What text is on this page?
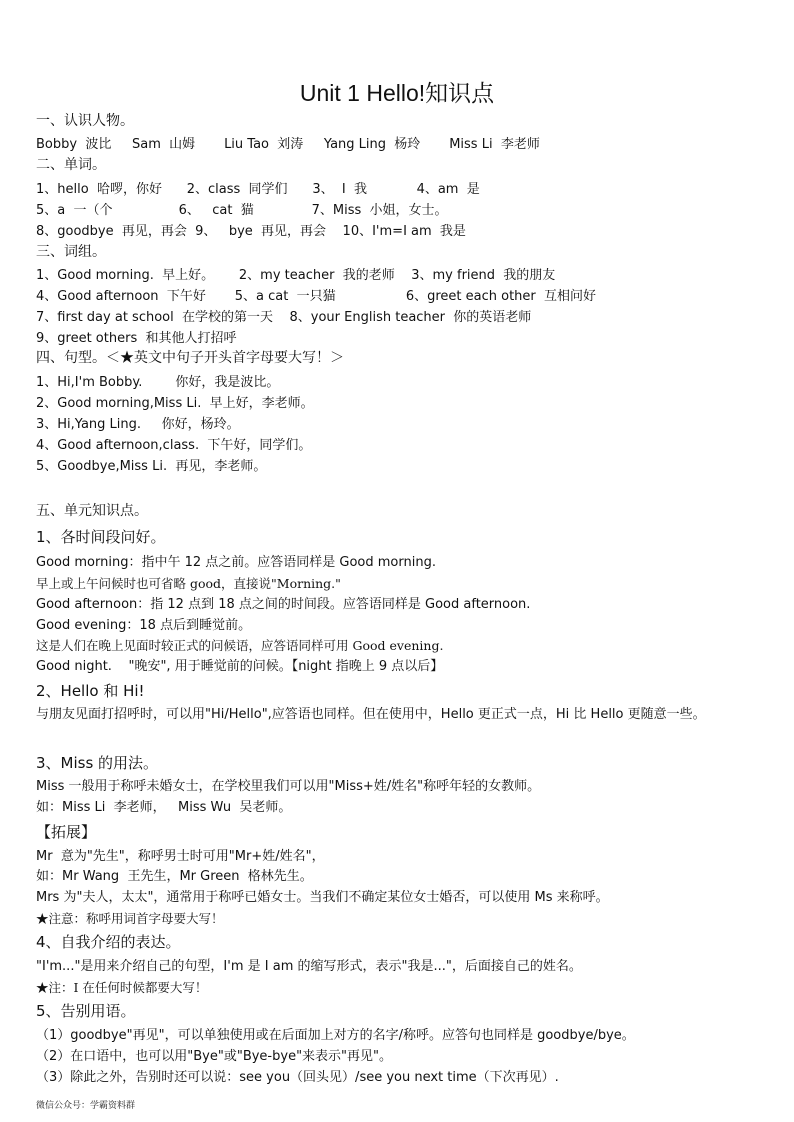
Unit 1 Hello!知识点
一、认识人物。
Bobby  波比     Sam  山姆       Liu Tao  刘涛     Yang Ling  杨玲       Miss Li  李老师
二、单词。
1、hello  哈啰，你好      2、class  同学们      3、  I  我            4、am  是
5、a  一（个                6、   cat  猫              7、Miss  小姐，女士。
8、goodbye  再见，再会  9、   bye  再见，再会    10、I'm=I am  我是
三、词组。
1、Good morning.  早上好。      2、my teacher  我的老师    3、my friend  我的朋友
4、Good afternoon  下午好       5、a cat  一只猫                 6、greet each other  互相问好
7、first day at school  在学校的第一天    8、your English teacher  你的英语老师
9、greet others  和其他人打招呼
四、句型。＜★英文中句子开头首字母要大写！＞
1、Hi,I'm Bobby.        你好，我是波比。
2、Good morning,Miss Li.  早上好，李老师。
3、Hi,Yang Ling.     你好，杨玲。
4、Good afternoon,class.  下午好，同学们。
5、Goodbye,Miss Li.  再见，李老师。
五、单元知识点。
1、各时间段问好。
Good morning：指中午 12 点之前。应答语同样是 Good morning.
早上或上午问候时也可省略 good，直接说"Morning."
Good afternoon：指 12 点到 18 点之间的时间段。应答语同样是 Good afternoon.
Good evening：18 点后到睡觉前。
这是人们在晚上见面时较正式的问候语，应答语同样可用 Good evening.
Good night.    "晚安", 用于睡觉前的问候。【night 指晚上 9 点以后】
2、Hello 和 Hi!
与朋友见面打招呼时，可以用"Hi/Hello",应答语也同样。但在使用中，Hello 更正式一点，Hi 比 Hello 更随意一些。
3、Miss 的用法。
Miss 一般用于称呼未婚女士，在学校里我们可以用"Miss+姓/姓名"称呼年轻的女教师。
如：Miss Li  李老师，   Miss Wu  吴老师。
【拓展】
Mr  意为"先生"，称呼男士时可用"Mr+姓/姓名"，
如：Mr Wang  王先生，Mr Green  格林先生。
Mrs 为"夫人，太太"，通常用于称呼已婚女士。当我们不确定某位女士婚否，可以使用 Ms 来称呼。
★注意：称呼用词首字母要大写！
4、自我介绍的表达。
"I'm..."是用来介绍自己的句型，I'm 是 I am 的缩写形式，表示"我是..."，后面接自己的姓名。
★注：I 在任何时候都要大写！
5、告别用语。
（1）goodbye"再见"，可以单独使用或在后面加上对方的名字/称呼。应答句也同样是 goodbye/bye。
（2）在口语中，也可以用"Bye"或"Bye-bye"来表示"再见"。
（3）除此之外，告别时还可以说：see you（回头见）/see you next time（下次再见）.
微信公众号：学霸资料群
